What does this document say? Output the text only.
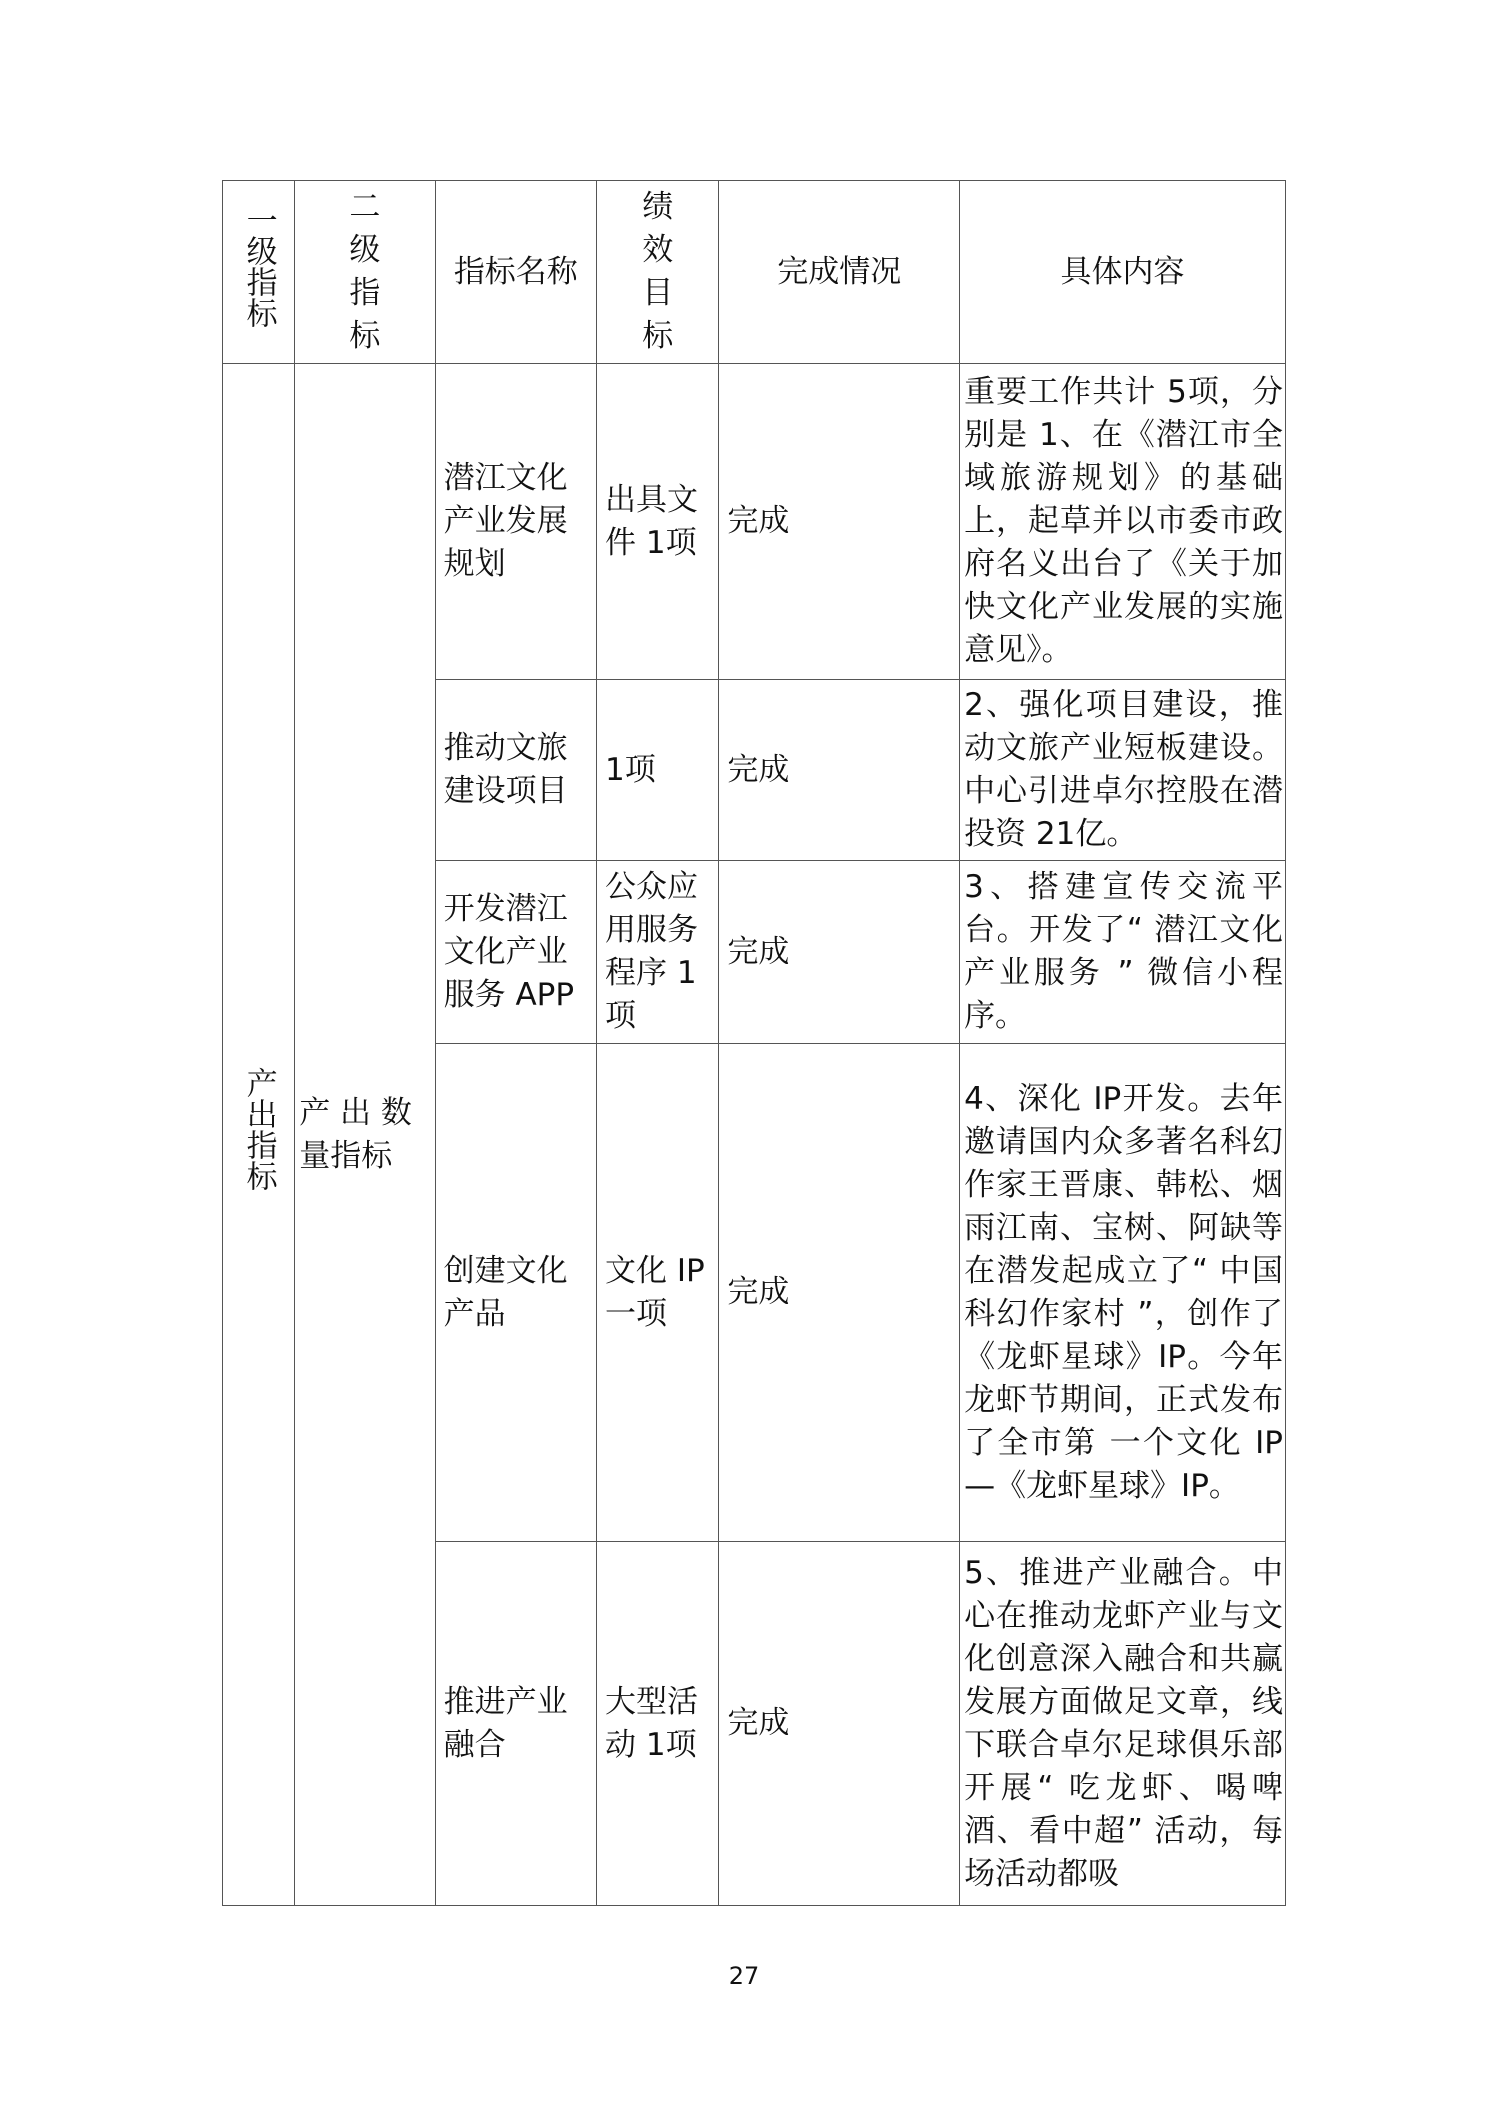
一级指标	二级指标	指标名称	绩效目标	完成情况	具体内容
产出指标	产 出 数量指标	潜江文化产业发展规划	出具文件 1项	完成	重要工作共计 5项，分别是 1、在《潜江市全域旅游规划》的基础上，起草并以市委市政府名义出台了《关于加快文化产业发展的实施意见》。
		推动文旅建设项目	1项	完成	2、强化项目建设，推动文旅产业短板建设。 中心引进卓尔控股在潜投资 21亿。
		开发潜江文化产业服务 APP	公众应用服务程序 1项	完成	3、搭建宣传交流平台。开发了“ 潜江文化产业服务 ” 微信小程序。
		创建文化产品	文化 IP一项	完成	4、深化 IP开发。去年邀请国内众多著名科幻作家王晋康、韩松、烟雨江南、宝树、阿缺等在潜发起成立了“ 中国科幻作家村 ”，创作了《龙虾星球》IP。今年龙虾节期间，正式发布了全市第 一个文化 IP—《龙虾星球》IP。
		推进产业融合	大型活动 1项	完成	5、推进产业融合。中心在推动龙虾产业与文化创意深入融合和共赢发展方面做足文章，线下联合卓尔足球俱乐部开展“ 吃龙虾、喝啤酒、看中超” 活动，每场活动都吸
27
